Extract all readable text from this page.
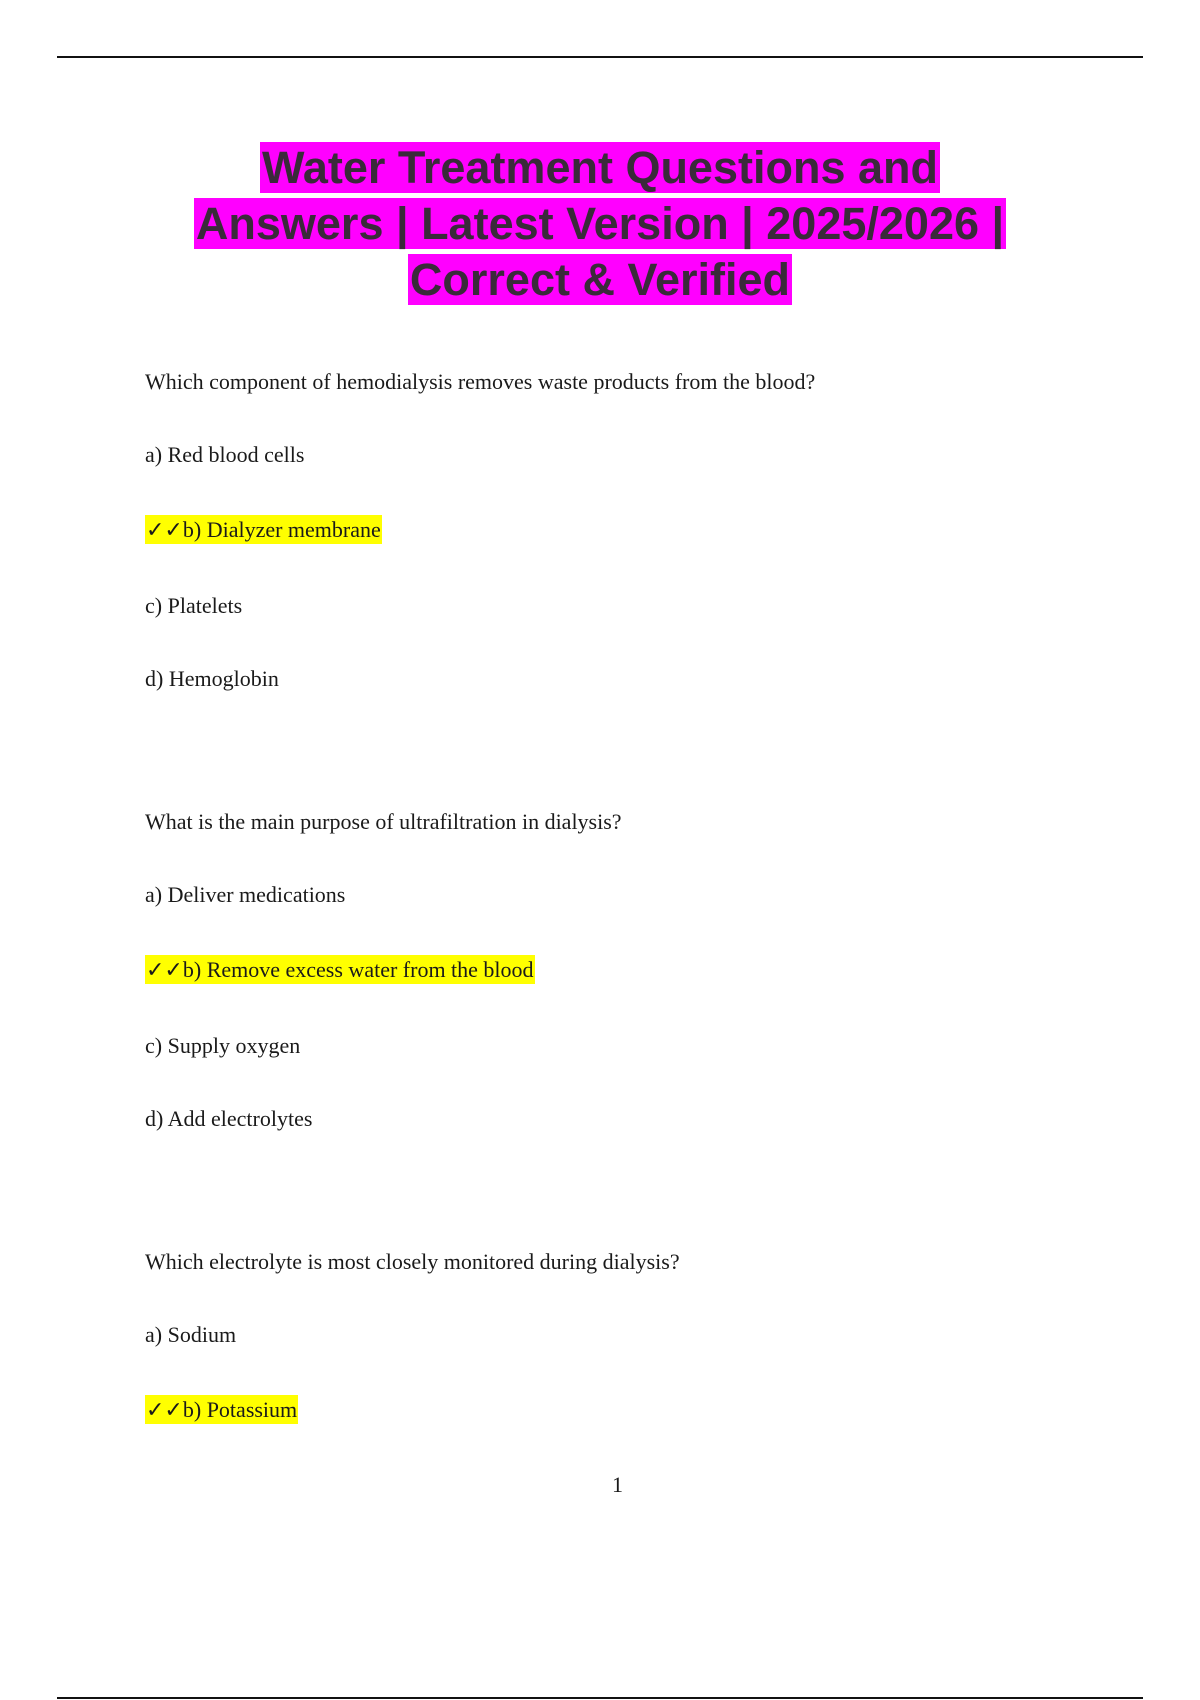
Water Treatment Questions and
Answers | Latest Version | 2025/2026 |
Correct & Verified
Which component of hemodialysis removes waste products from the blood?
a) Red blood cells
✓✓b) Dialyzer membrane
c) Platelets
d) Hemoglobin
What is the main purpose of ultrafiltration in dialysis?
a) Deliver medications
✓✓b) Remove excess water from the blood
c) Supply oxygen
d) Add electrolytes
Which electrolyte is most closely monitored during dialysis?
a) Sodium
✓✓b) Potassium
1
